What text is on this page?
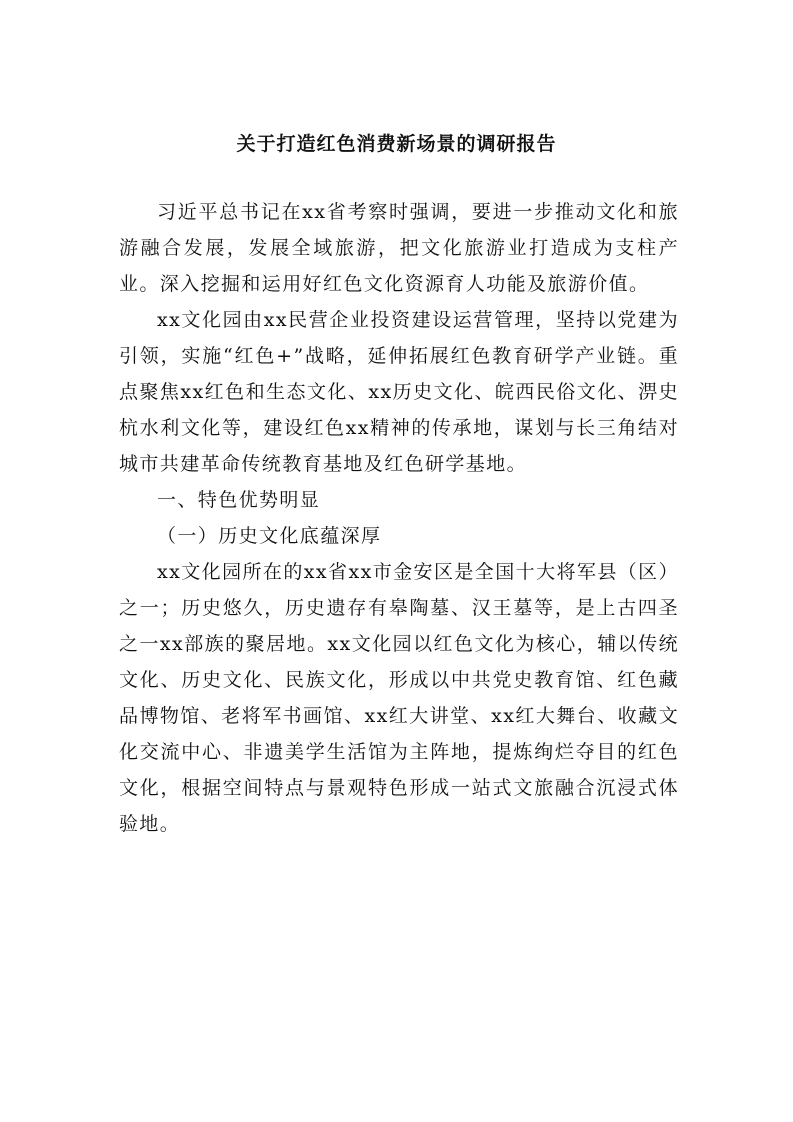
关于打造红色消费新场景的调研报告

习近平总书记在xx省考察时强调，要进一步推动文化和旅游融合发展，发展全域旅游，把文化旅游业打造成为支柱产业。深入挖掘和运用好红色文化资源育人功能及旅游价值。

xx文化园由xx民营企业投资建设运营管理，坚持以党建为引领，实施“红色+”战略，延伸拓展红色教育研学产业链。重点聚焦xx红色和生态文化、xx历史文化、皖西民俗文化、淠史杭水利文化等，建设红色xx精神的传承地，谋划与长三角结对城市共建革命传统教育基地及红色研学基地。

一、特色优势明显

（一）历史文化底蕴深厚

xx文化园所在的xx省xx市金安区是全国十大将军县（区）之一；历史悠久，历史遗存有皋陶墓、汉王墓等，是上古四圣之一xx部族的聚居地。xx文化园以红色文化为核心，辅以传统文化、历史文化、民族文化，形成以中共党史教育馆、红色藏品博物馆、老将军书画馆、xx红大讲堂、xx红大舞台、收藏文化交流中心、非遗美学生活馆为主阵地，提炼绚烂夺目的红色文化，根据空间特点与景观特色形成一站式文旅融合沉浸式体验地。
